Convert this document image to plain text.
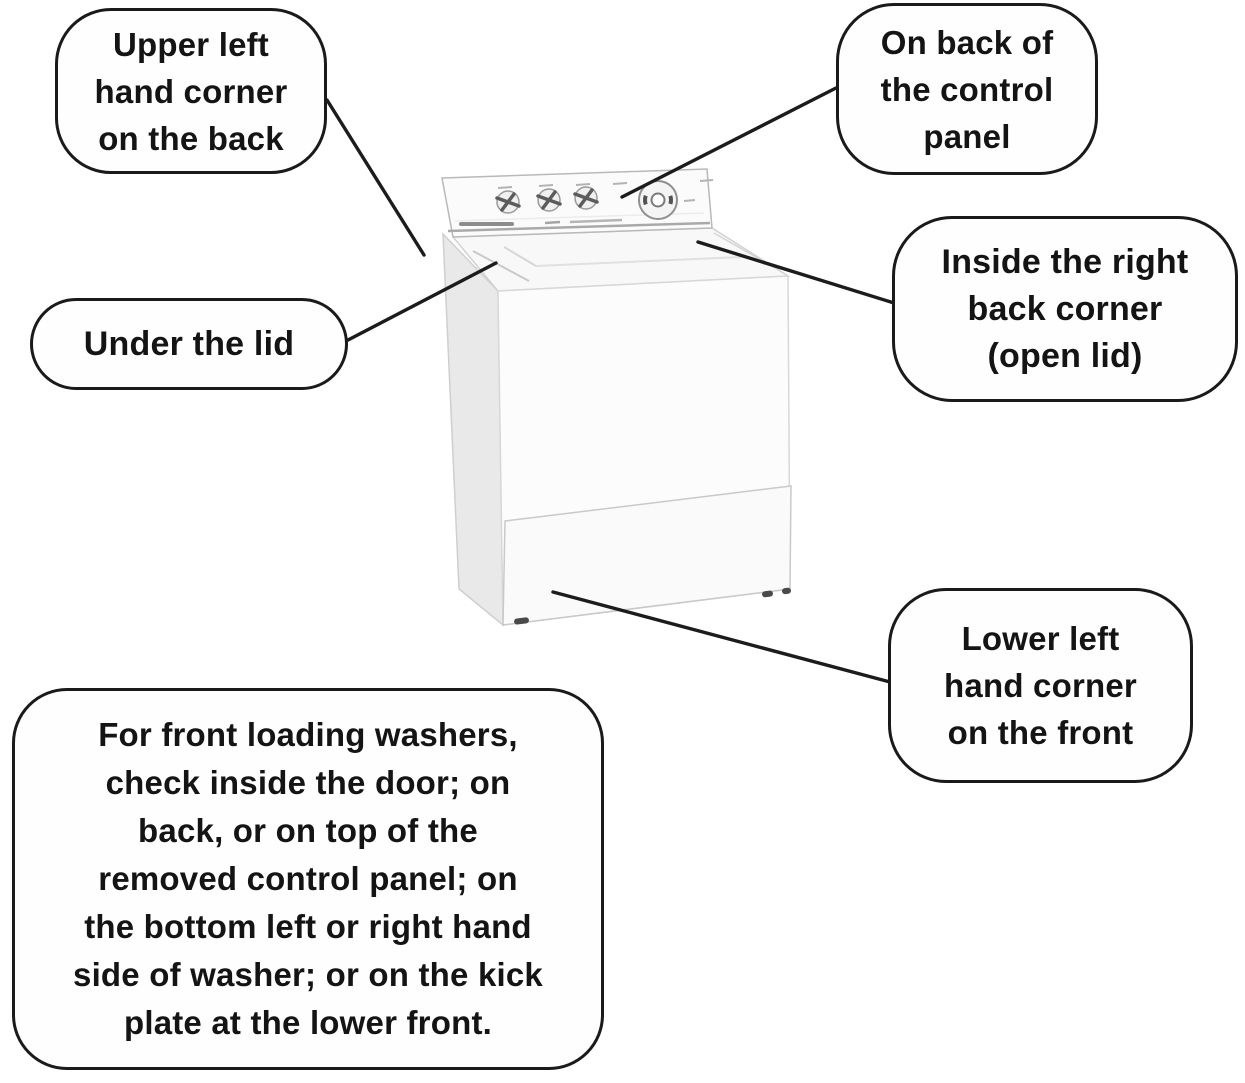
Upper left
hand corner
on the back
On back of
the control
panel
Under the lid
Inside the right
back corner
(open lid)
Lower left
hand corner
on the front
For front loading washers,
check inside the door; on
back, or on top of the
removed control panel; on
the bottom left or right hand
side of washer; or on the kick
plate at the lower front.
